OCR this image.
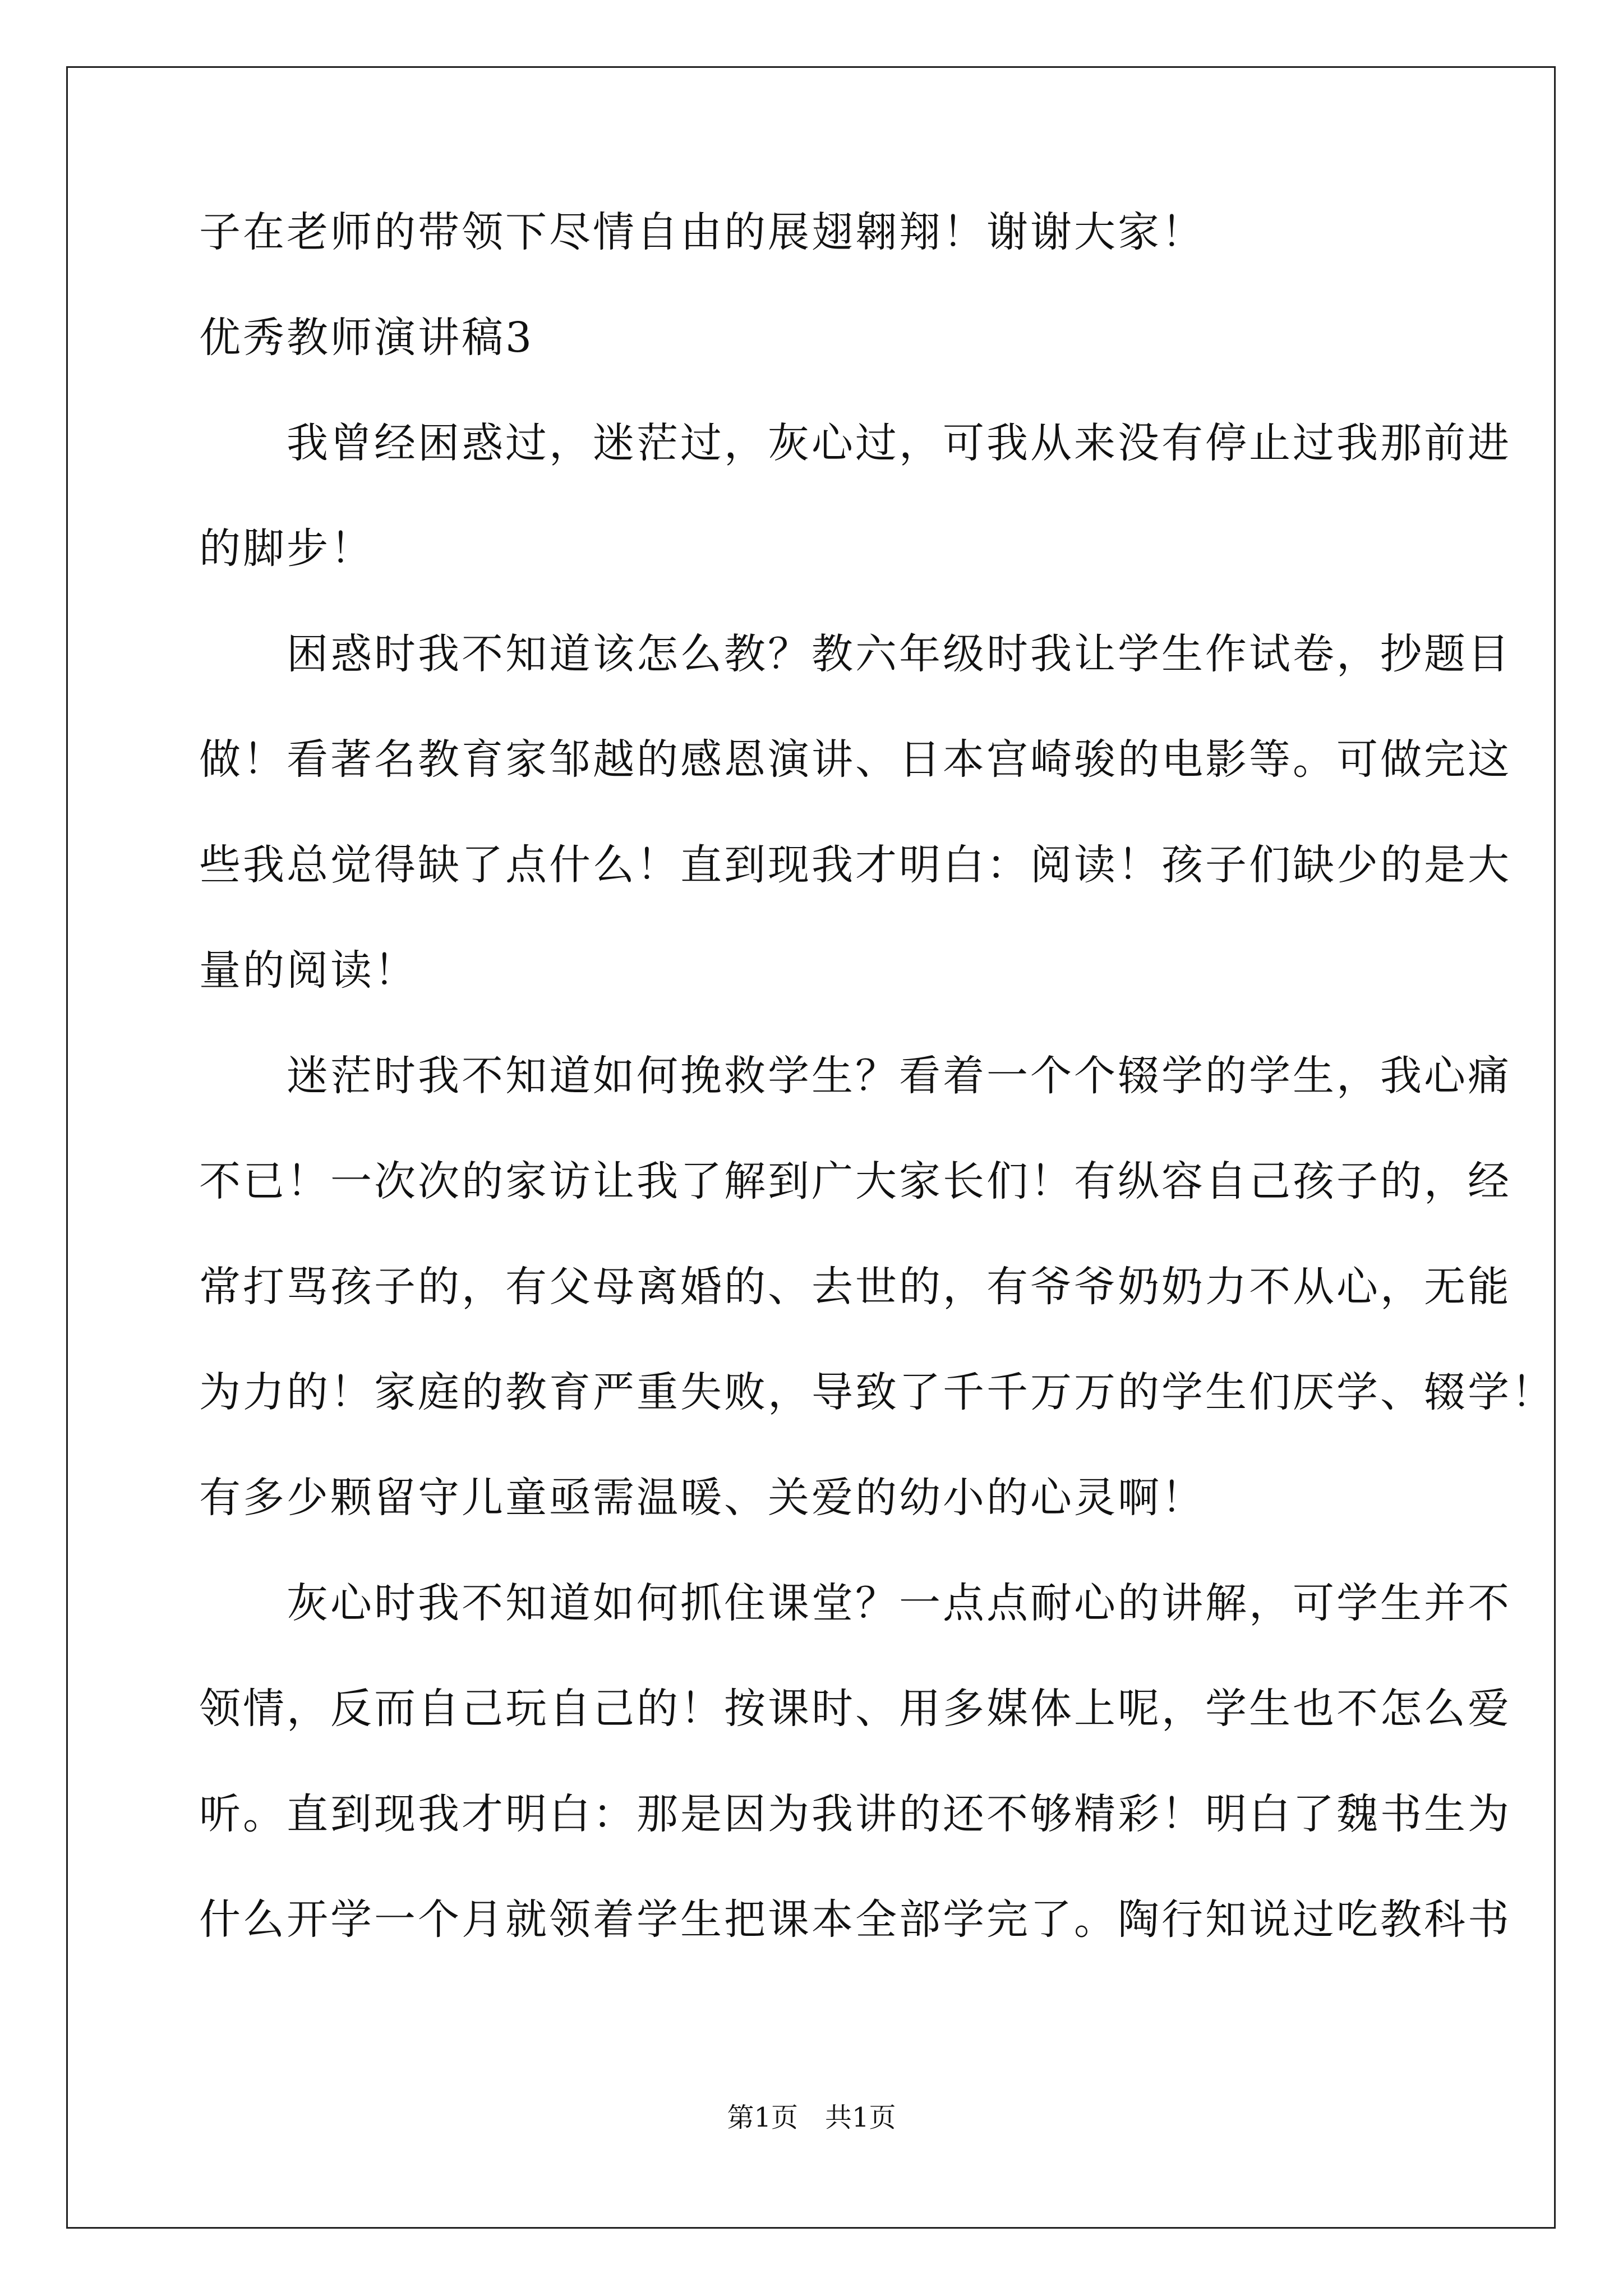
子在老师的带领下尽情自由的展翅翱翔！谢谢大家！
优秀教师演讲稿3
　　我曾经困惑过，迷茫过，灰心过，可我从来没有停止过我那前进
的脚步！
　　困惑时我不知道该怎么教？教六年级时我让学生作试卷，抄题目
做！看著名教育家邹越的感恩演讲、日本宫崎骏的电影等。可做完这
些我总觉得缺了点什么！直到现我才明白：阅读！孩子们缺少的是大
量的阅读！
　　迷茫时我不知道如何挽救学生？看着一个个辍学的学生，我心痛
不已！一次次的家访让我了解到广大家长们！有纵容自己孩子的，经
常打骂孩子的，有父母离婚的、去世的，有爷爷奶奶力不从心，无能
为力的！家庭的教育严重失败，导致了千千万万的学生们厌学、辍学！
有多少颗留守儿童亟需温暖、关爱的幼小的心灵啊！
　　灰心时我不知道如何抓住课堂？一点点耐心的讲解，可学生并不
领情，反而自己玩自己的！按课时、用多媒体上呢，学生也不怎么爱
听。直到现我才明白：那是因为我讲的还不够精彩！明白了魏书生为
什么开学一个月就领着学生把课本全部学完了。陶行知说过吃教科书
第1页　共1页
